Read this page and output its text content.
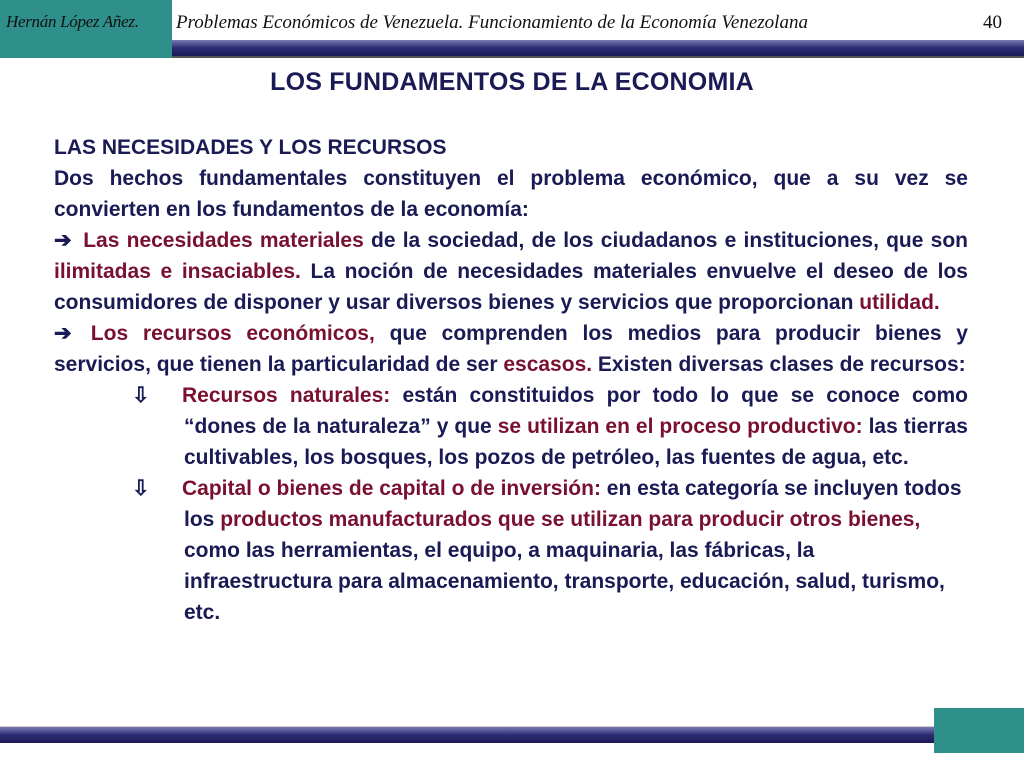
Hernán López Añez. Problemas Económicos de Venezuela. Funcionamiento de la Economía Venezolana	40
LOS FUNDAMENTOS DE LA ECONOMIA

LAS NECESIDADES Y LOS RECURSOS

Dos hechos fundamentales constituyen el problema económico, que a su vez se convierten en los fundamentos de la economía:

➔ Las necesidades materiales de la sociedad, de los ciudadanos e instituciones, que son ilimitadas e insaciables. La noción de necesidades materiales envuelve el deseo de los consumidores de disponer y usar diversos bienes y servicios que proporcionan utilidad.

➔ Los recursos económicos, que comprenden los medios para producir bienes y servicios, que tienen la particularidad de ser escasos. Existen diversas clases de recursos:

⇩ Recursos naturales: están constituidos por todo lo que se conoce como “dones de la naturaleza” y que se utilizan en el proceso productivo: las tierras cultivables, los bosques, los pozos de petróleo, las fuentes de agua, etc.

⇩ Capital o bienes de capital o de inversión: en esta categoría se incluyen todos los productos manufacturados que se utilizan para producir otros bienes, como las herramientas, el equipo, a maquinaria, las fábricas, la infraestructura para almacenamiento, transporte, educación, salud, turismo, etc.
